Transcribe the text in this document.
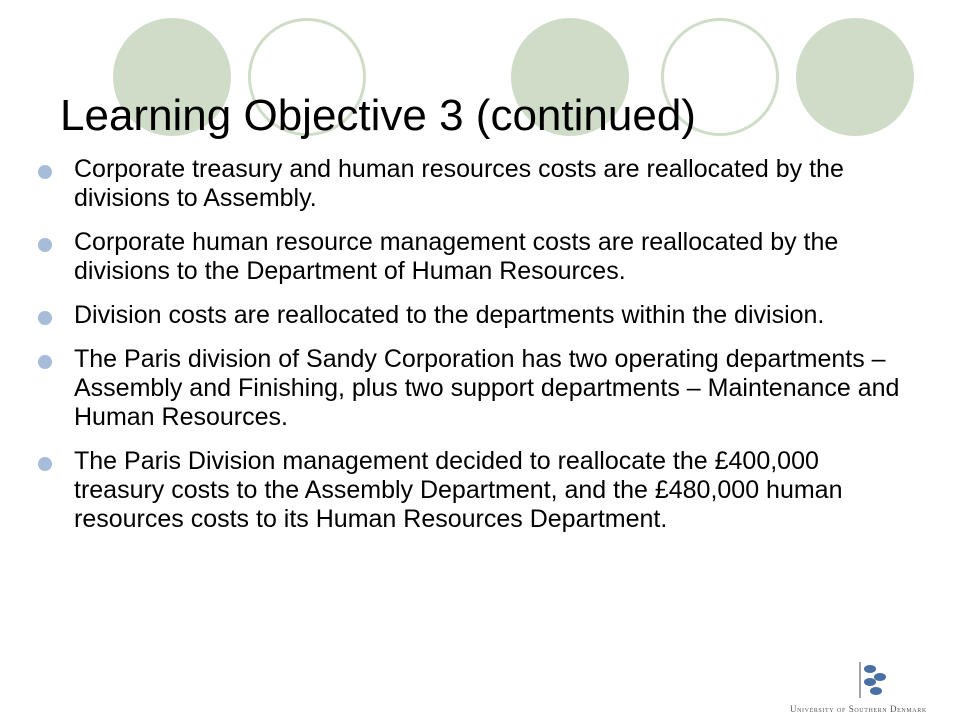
Learning Objective 3 (continued)
Corporate treasury and human resources costs are reallocated by the divisions to Assembly.
Corporate human resource management costs are reallocated by the divisions to the Department of Human Resources.
Division costs are reallocated to the departments within the division.
The Paris division of Sandy Corporation has two operating departments – Assembly and Finishing, plus two support departments – Maintenance and Human Resources.
The Paris Division management decided to reallocate the £400,000 treasury costs to the Assembly Department, and the £480,000 human resources costs to its Human Resources Department.
University of Southern Denmark
